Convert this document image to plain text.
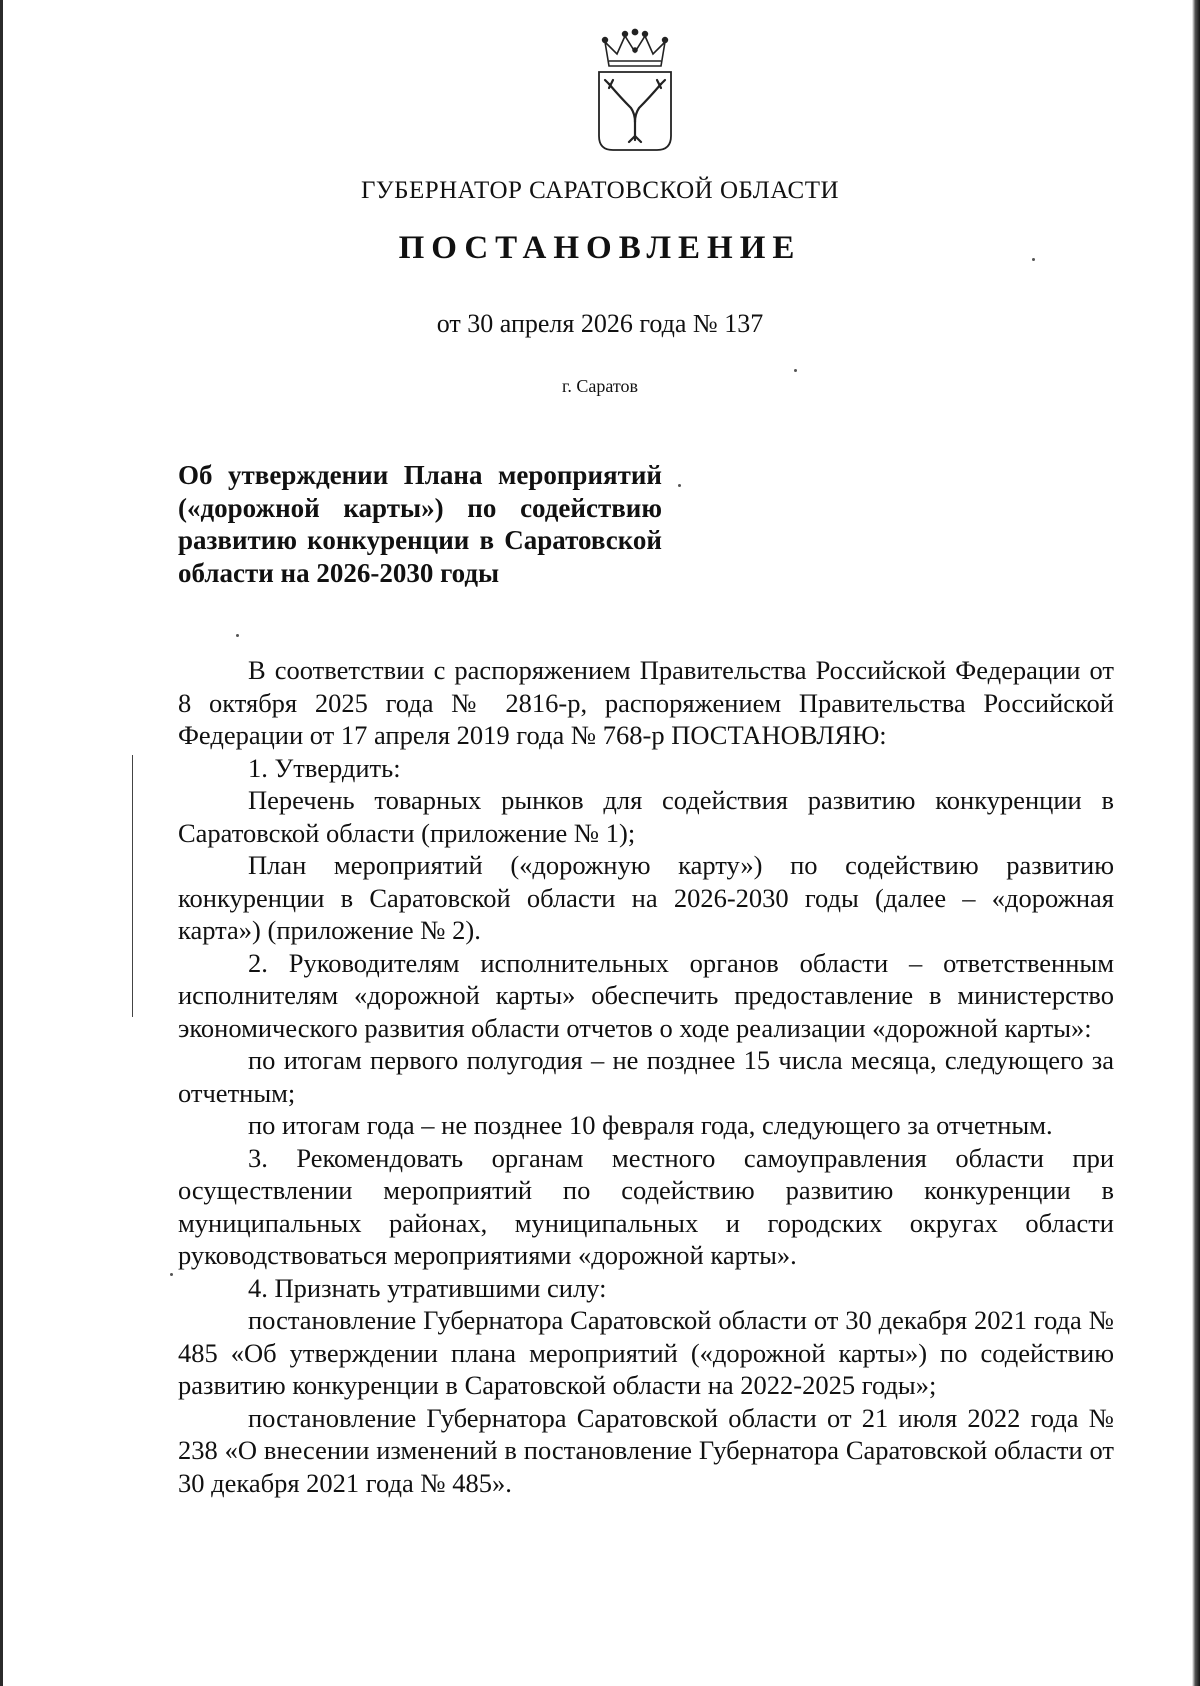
ГУБЕРНАТОР САРАТОВСКОЙ ОБЛАСТИ
ПОСТАНОВЛЕНИЕ
от 30 апреля 2026 года № 137
г. Саратов
Об утверждении Плана мероприятий
(«дорожной карты») по содействию
развитию конкуренции в Саратовской
области на 2026-2030 годы

В соответствии с распоряжением Правительства Российской Федерации от 8 октября 2025 года № 2816-р, распоряжением Правительства Российской Федерации от 17 апреля 2019 года № 768-р ПОСТАНОВЛЯЮ:

1. Утвердить:

Перечень товарных рынков для содействия развитию конкуренции в Саратовской области (приложение № 1);

План мероприятий («дорожную карту») по содействию развитию конкуренции в Саратовской области на 2026-2030 годы (далее – «дорожная карта») (приложение № 2).

2. Руководителям исполнительных органов области – ответственным исполнителям «дорожной карты» обеспечить предоставление в министерство экономического развития области отчетов о ходе реализации «дорожной карты»:

по итогам первого полугодия – не позднее 15 числа месяца, следующего за отчетным;

по итогам года – не позднее 10 февраля года, следующего за отчетным.

3. Рекомендовать органам местного самоуправления области при осуществлении мероприятий по содействию развитию конкуренции в муниципальных районах, муниципальных и городских округах области руководствоваться мероприятиями «дорожной карты».

4. Признать утратившими силу:

постановление Губернатора Саратовской области от 30 декабря 2021 года № 485 «Об утверждении плана мероприятий («дорожной карты») по содействию развитию конкуренции в Саратовской области на 2022-2025 годы»;

постановление Губернатора Саратовской области от 21 июля 2022 года № 238 «О внесении изменений в постановление Губернатора Саратовской области от 30 декабря 2021 года № 485».
